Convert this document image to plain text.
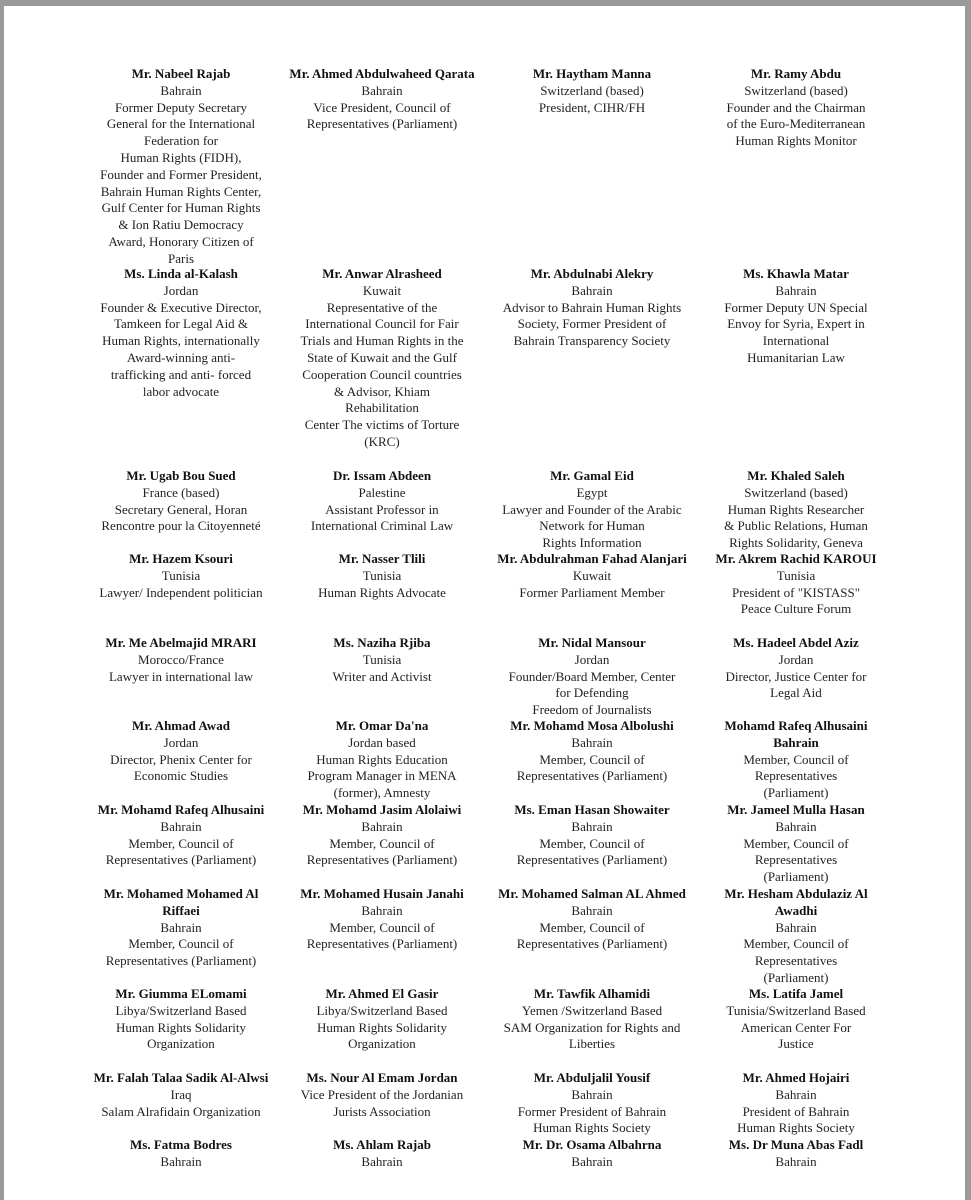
Mr. Nabeel Rajab
Bahrain
Former Deputy Secretary
General for the International
Federation for
Human Rights (FIDH),
Founder and Former President,
Bahrain Human Rights Center,
Gulf Center for Human Rights
& Ion Ratiu Democracy
Award, Honorary Citizen of
Paris
Mr. Ahmed Abdulwaheed Qarata
Bahrain
Vice President, Council of
Representatives (Parliament)
Mr. Haytham Manna
Switzerland (based)
President, CIHR/FH
Mr. Ramy Abdu
Switzerland (based)
Founder and the Chairman
of the Euro-Mediterranean
Human Rights Monitor
Ms. Linda al-Kalash
Jordan
Founder & Executive Director,
Tamkeen for Legal Aid &
Human Rights, internationally
Award-winning anti-
trafficking and anti- forced
labor advocate
Mr. Anwar Alrasheed
Kuwait
Representative of the
International Council for Fair
Trials and Human Rights in the
State of Kuwait and the Gulf
Cooperation Council countries
& Advisor, Khiam
Rehabilitation
Center The victims of Torture
(KRC)
Mr. Abdulnabi Alekry
Bahrain
Advisor to Bahrain Human Rights
Society, Former President of
Bahrain Transparency Society
Ms. Khawla Matar
Bahrain
Former Deputy UN Special
Envoy for Syria, Expert in
International
Humanitarian Law
Mr. Ugab Bou Sued
France (based)
Secretary General, Horan
Rencontre pour la Citoyenneté
Dr. Issam Abdeen
Palestine
Assistant Professor in
International Criminal Law
Mr. Gamal Eid
Egypt
Lawyer and Founder of the Arabic
Network for Human
Rights Information
Mr. Khaled Saleh
Switzerland (based)
Human Rights Researcher
& Public Relations, Human
Rights Solidarity, Geneva
Mr. Hazem Ksouri
Tunisia
Lawyer/ Independent politician
Mr. Nasser Tlili
Tunisia
Human Rights Advocate
Mr. Abdulrahman Fahad Alanjari
Kuwait
Former Parliament Member
Mr. Akrem Rachid KAROUI
Tunisia
President of "KISTASS"
Peace Culture Forum
Mr. Me Abelmajid MRARI
Morocco/France
Lawyer in international law
Ms. Naziha Rjiba
Tunisia
Writer and Activist
Mr. Nidal Mansour
Jordan
Founder/Board Member, Center
for Defending
Freedom of Journalists
Ms. Hadeel Abdel Aziz
Jordan
Director, Justice Center for
Legal Aid
Mr. Ahmad Awad
Jordan
Director, Phenix Center for
Economic Studies
Mr. Omar Da'na
Jordan based
Human Rights Education
Program Manager in MENA
(former), Amnesty
Mr. Mohamd Mosa Albolushi
Bahrain
Member, Council of
Representatives (Parliament)
Mohamd Rafeq Alhusaini Bahrain
Member, Council of
Representatives
(Parliament)
Mr. Mohamd Rafeq Alhusaini
Bahrain
Member, Council of
Representatives (Parliament)
Mr. Mohamd Jasim Alolaiwi
Bahrain
Member, Council of
Representatives (Parliament)
Ms. Eman Hasan Showaiter
Bahrain
Member, Council of
Representatives (Parliament)
Mr. Jameel Mulla Hasan
Bahrain
Member, Council of
Representatives
(Parliament)
Mr. Mohamed Mohamed Al Riffaei
Bahrain
Member, Council of
Representatives (Parliament)
Mr. Mohamed Husain Janahi
Bahrain
Member, Council of
Representatives (Parliament)
Mr. Mohamed Salman AL Ahmed
Bahrain
Member, Council of
Representatives (Parliament)
Mr. Hesham Abdulaziz Al Awadhi
Bahrain
Member, Council of
Representatives
(Parliament)
Mr. Giumma ELomami
Libya/Switzerland Based
Human Rights Solidarity
Organization
Mr. Ahmed El Gasir
Libya/Switzerland Based
Human Rights Solidarity
Organization
Mr. Tawfik Alhamidi
Yemen /Switzerland Based
SAM Organization for Rights and
Liberties
Ms. Latifa Jamel
Tunisia/Switzerland Based
American Center For
Justice
Mr. Falah Talaa Sadik Al-Alwsi
Iraq
Salam Alrafidain Organization
Ms. Nour Al Emam Jordan
Vice President of the Jordanian
Jurists Association
Mr. Abduljalil Yousif
Bahrain
Former President of Bahrain
Human Rights Society
Mr. Ahmed Hojairi
Bahrain
President of Bahrain
Human Rights Society
Ms. Fatma Bodres
Bahrain
Ms. Ahlam Rajab
Bahrain
Mr. Dr. Osama Albahrna
Bahrain
Ms. Dr Muna Abas Fadl
Bahrain
